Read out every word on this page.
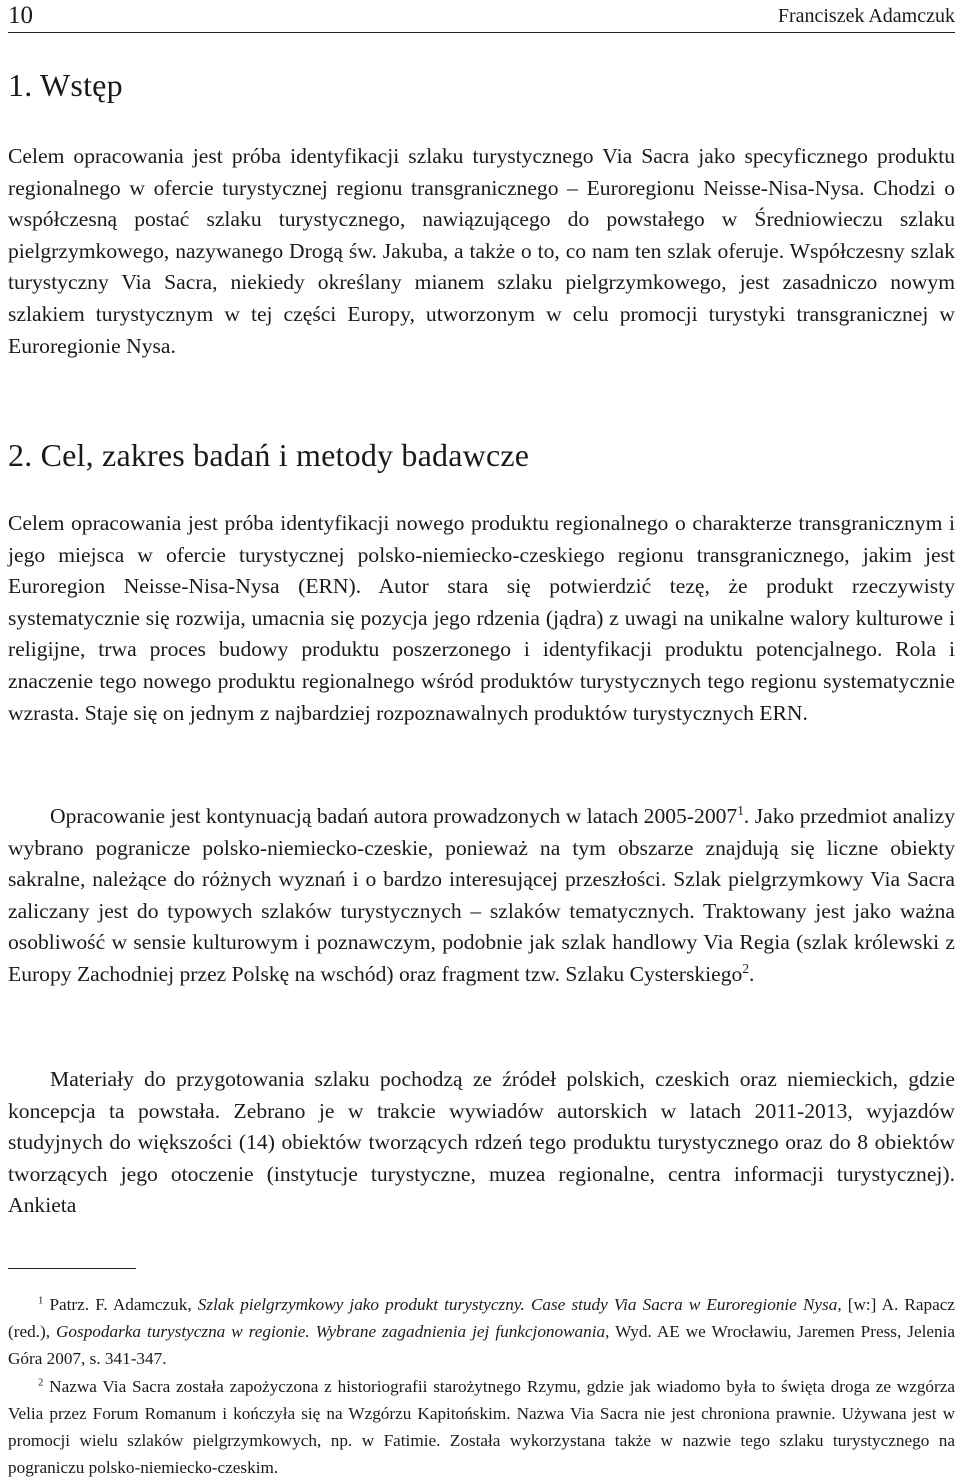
10	Franciszek Adamczuk
1. Wstęp

Celem opracowania jest próba identyfikacji szlaku turystycznego Via Sacra jako specyficznego produktu regionalnego w ofercie turystycznej regionu transgranicznego – Euroregionu Neisse-Nisa-Nysa. Chodzi o współczesną postać szlaku turystycznego, nawiązującego do powstałego w Średniowieczu szlaku pielgrzymkowego, nazywanego Drogą św. Jakuba, a także o to, co nam ten szlak oferuje. Współczesny szlak turystyczny Via Sacra, niekiedy określany mianem szlaku pielgrzymkowego, jest zasadniczo nowym szlakiem turystycznym w tej części Europy, utworzonym w celu promocji turystyki transgranicznej w Euroregionie Nysa.

2. Cel, zakres badań i metody badawcze

Celem opracowania jest próba identyfikacji nowego produktu regionalnego o charakterze transgranicznym i jego miejsca w ofercie turystycznej polsko-niemiecko-czeskiego regionu transgranicznego, jakim jest Euroregion Neisse-Nisa-Nysa (ERN). Autor stara się potwierdzić tezę, że produkt rzeczywisty systematycznie się rozwija, umacnia się pozycja jego rdzenia (jądra) z uwagi na unikalne walory kulturowe i religijne, trwa proces budowy produktu poszerzonego i identyfikacji produktu potencjalnego. Rola i znaczenie tego nowego produktu regionalnego wśród produktów turystycznych tego regionu systematycznie wzrasta. Staje się on jednym z najbardziej rozpoznawalnych produktów turystycznych ERN.

Opracowanie jest kontynuacją badań autora prowadzonych w latach 2005-2007$^1$. Jako przedmiot analizy wybrano pogranicze polsko-niemiecko-czeskie, ponieważ na tym obszarze znajdują się liczne obiekty sakralne, należące do różnych wyznań i o bardzo interesującej przeszłości. Szlak pielgrzymkowy Via Sacra zaliczany jest do typowych szlaków turystycznych – szlaków tematycznych. Traktowany jest jako ważna osobliwość w sensie kulturowym i poznawczym, podobnie jak szlak handlowy Via Regia (szlak królewski z Europy Zachodniej przez Polskę na wschód) oraz fragment tzw. Szlaku Cysterskiego$^2$.

Materiały do przygotowania szlaku pochodzą ze źródeł polskich, czeskich oraz niemieckich, gdzie koncepcja ta powstała. Zebrano je w trakcie wywiadów autorskich w latach 2011-2013, wyjazdów studyjnych do większości (14) obiektów tworzących rdzeń tego produktu turystycznego oraz do 8 obiektów tworzących jego otoczenie (instytucje turystyczne, muzea regionalne, centra informacji turystycznej). Ankieta

$^1$ Patrz. F. Adamczuk, Szlak pielgrzymkowy jako produkt turystyczny. Case study Via Sacra w Euroregionie Nysa, [w:] A. Rapacz (red.), Gospodarka turystyczna w regionie. Wybrane zagadnienia jej funkcjonowania, Wyd. AE we Wrocławiu, Jaremen Press, Jelenia Góra 2007, s. 341-347.

$^2$ Nazwa Via Sacra została zapożyczona z historiografii starożytnego Rzymu, gdzie jak wiadomo była to święta droga ze wzgórza Velia przez Forum Romanum i kończyła się na Wzgórzu Kapitońskim. Nazwa Via Sacra nie jest chroniona prawnie. Używana jest w promocji wielu szlaków pielgrzymkowych, np. w Fatimie. Została wykorzystana także w nazwie tego szlaku turystycznego na pograniczu polsko-niemiecko-czeskim.
